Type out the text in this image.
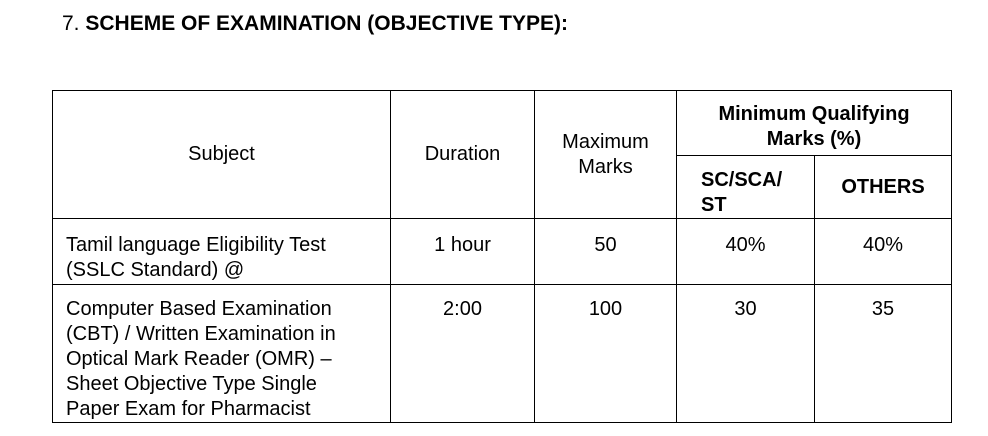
7. SCHEME OF EXAMINATION (OBJECTIVE TYPE):
Subject	Duration	Maximum Marks	Minimum Qualifying Marks (%)	
			SC/SCA/ ST	OTHERS
Tamil language Eligibility Test (SSLC Standard) @	1 hour	50	40%	40%
Computer Based Examination (CBT) / Written Examination in Optical Mark Reader (OMR) – Sheet Objective Type Single Paper Exam for Pharmacist	2:00	100	30	35
